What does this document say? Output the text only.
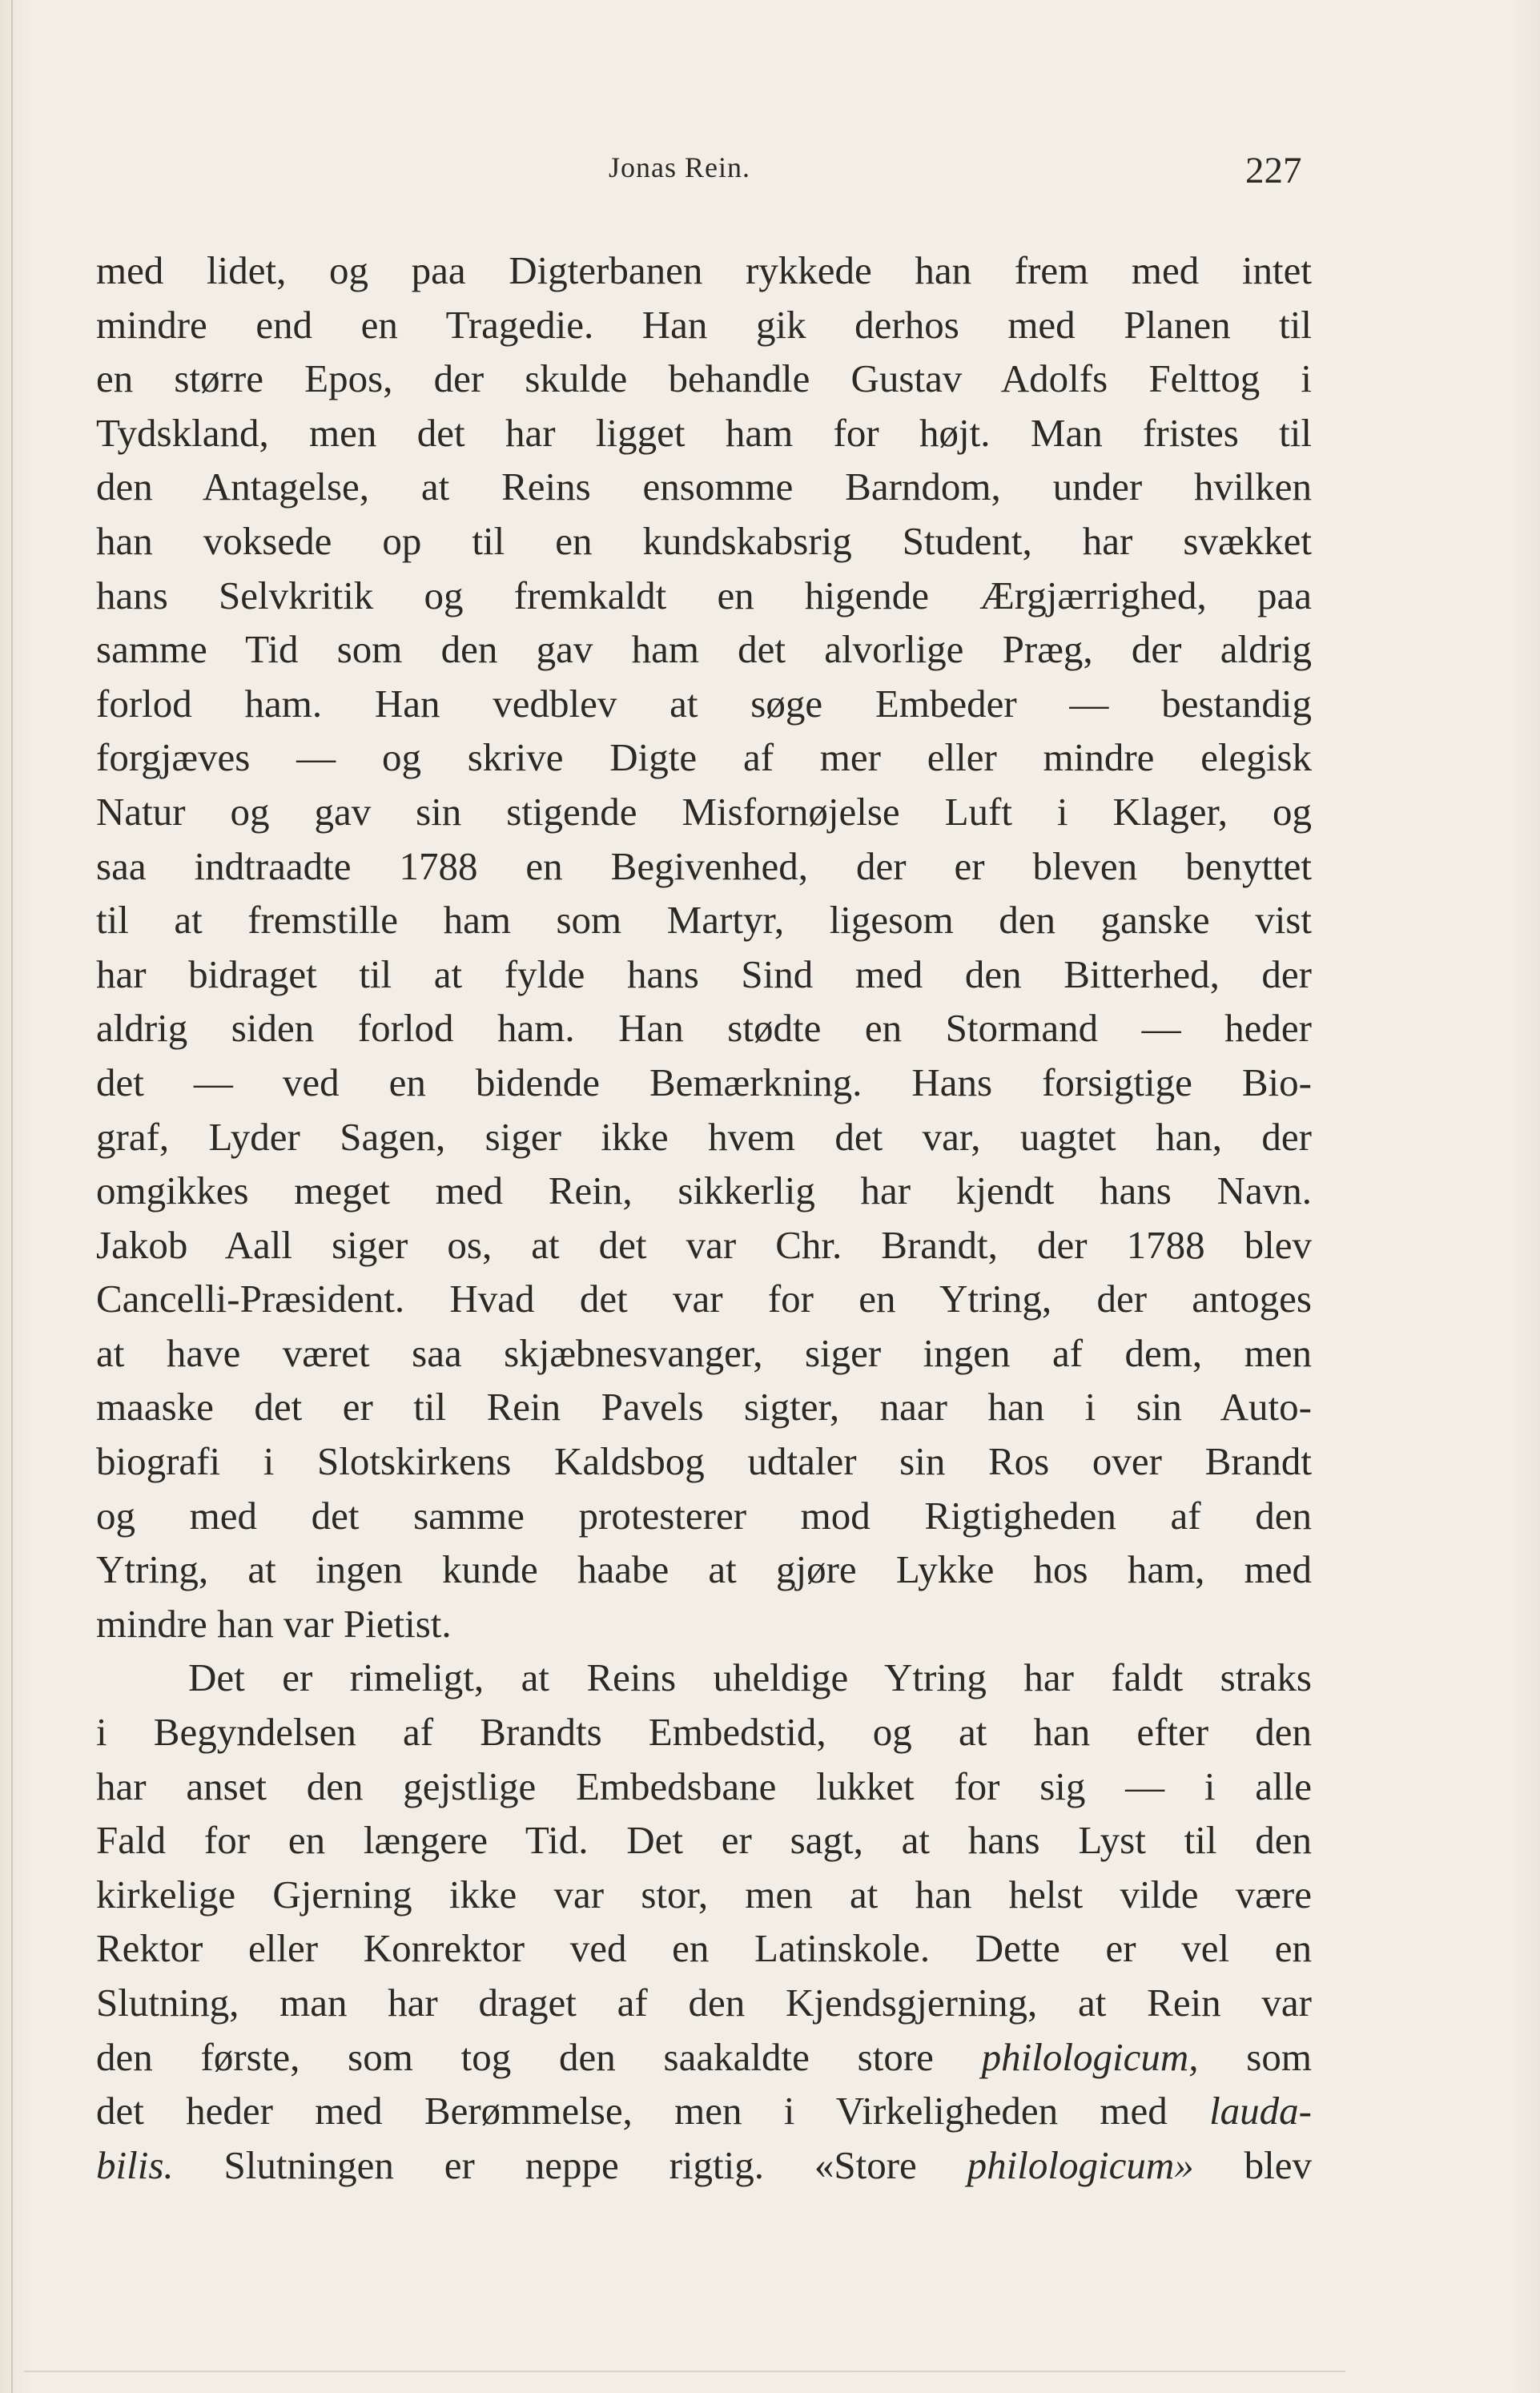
Jonas Rein.	227
med lidet, og paa Digterbanen rykkede han frem med intet
mindre end en Tragedie. Han gik derhos med Planen til
en større Epos, der skulde behandle Gustav Adolfs Felttog i
Tydskland, men det har ligget ham for højt. Man fristes til
den Antagelse, at Reins ensomme Barndom, under hvilken
han voksede op til en kundskabsrig Student, har svækket
hans Selvkritik og fremkaldt en higende Ærgjærrighed, paa
samme Tid som den gav ham det alvorlige Præg, der aldrig
forlod ham. Han vedblev at søge Embeder — bestandig
forgjæves — og skrive Digte af mer eller mindre elegisk
Natur og gav sin stigende Misfornøjelse Luft i Klager, og
saa indtraadte 1788 en Begivenhed, der er bleven benyttet
til at fremstille ham som Martyr, ligesom den ganske vist
har bidraget til at fylde hans Sind med den Bitterhed, der
aldrig siden forlod ham. Han stødte en Stormand — heder
det — ved en bidende Bemærkning. Hans forsigtige Bio-
graf, Lyder Sagen, siger ikke hvem det var, uagtet han, der
omgikkes meget med Rein, sikkerlig har kjendt hans Navn.
Jakob Aall siger os, at det var Chr. Brandt, der 1788 blev
Cancelli-Præsident. Hvad det var for en Ytring, der antoges
at have været saa skjæbnesvanger, siger ingen af dem, men
maaske det er til Rein Pavels sigter, naar han i sin Auto-
biografi i Slotskirkens Kaldsbog udtaler sin Ros over Brandt
og med det samme protesterer mod Rigtigheden af den
Ytring, at ingen kunde haabe at gjøre Lykke hos ham, med
mindre han var Pietist.
Det er rimeligt, at Reins uheldige Ytring har faldt straks
i Begyndelsen af Brandts Embedstid, og at han efter den
har anset den gejstlige Embedsbane lukket for sig — i alle
Fald for en længere Tid. Det er sagt, at hans Lyst til den
kirkelige Gjerning ikke var stor, men at han helst vilde være
Rektor eller Konrektor ved en Latinskole. Dette er vel en
Slutning, man har draget af den Kjendsgjerning, at Rein var
den første, som tog den saakaldte store philologicum, som
det heder med Berømmelse, men i Virkeligheden med lauda-
bilis. Slutningen er neppe rigtig. «Store philologicum» blev
